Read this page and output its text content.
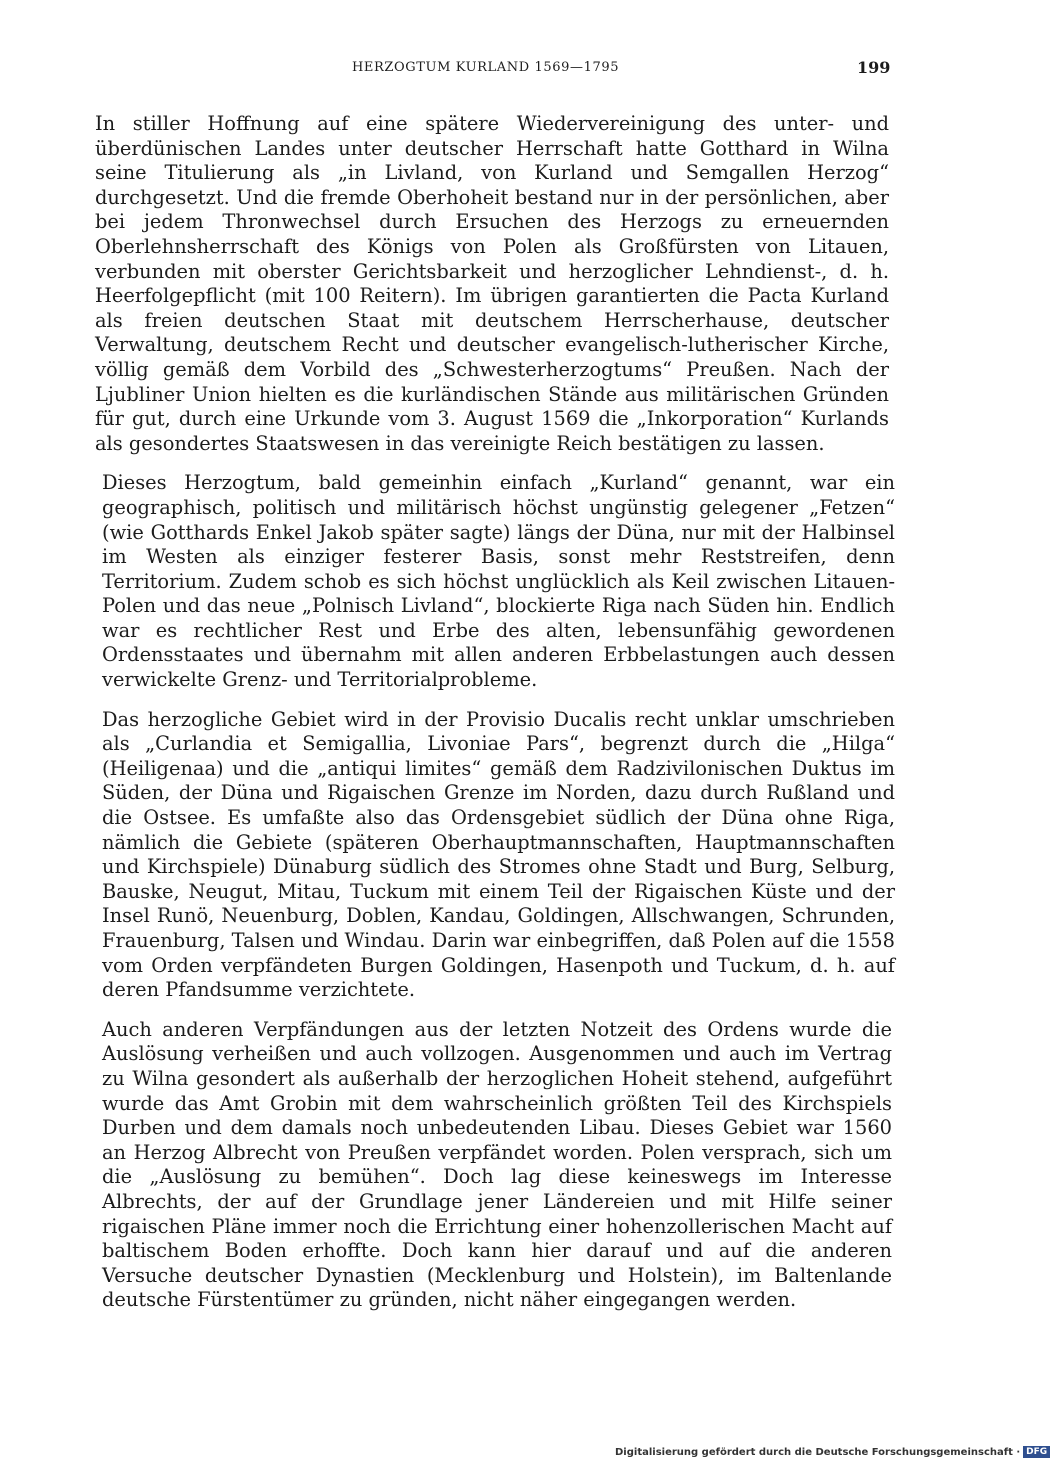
HERZOGTUM KURLAND 1569—1795	199

In stiller Hoffnung auf eine spätere Wiedervereinigung des unter- und überdünischen Landes unter deutscher Herrschaft hatte Gotthard in Wilna seine Titulierung als „in Livland, von Kurland und Semgallen Herzog“ durchgesetzt. Und die fremde Oberhoheit bestand nur in der persönlichen, aber bei jedem Thronwechsel durch Ersuchen des Herzogs zu erneuernden Oberlehnsherrschaft des Königs von Polen als Großfürsten von Litauen, verbunden mit oberster Gerichtsbarkeit und herzoglicher Lehndienst-, d. h. Heerfolgepflicht (mit 100 Reitern). Im übrigen garantierten die Pacta Kurland als freien deutschen Staat mit deutschem Herrscherhause, deutscher Verwaltung, deutschem Recht und deutscher evangelisch-lutherischer Kirche, völlig gemäß dem Vorbild des „Schwesterherzogtums“ Preußen. Nach der Ljubliner Union hielten es die kurländischen Stände aus militärischen Gründen für gut, durch eine Urkunde vom 3. August 1569 die „Inkorporation“ Kurlands als gesondertes Staatswesen in das vereinigte Reich bestätigen zu lassen.

Dieses Herzogtum, bald gemeinhin einfach „Kurland“ genannt, war ein geographisch, politisch und militärisch höchst ungünstig gelegener „Fetzen“ (wie Gotthards Enkel Jakob später sagte) längs der Düna, nur mit der Halbinsel im Westen als einziger festerer Basis, sonst mehr Reststreifen, denn Territorium. Zudem schob es sich höchst unglücklich als Keil zwischen Litauen-Polen und das neue „Polnisch Livland“, blockierte Riga nach Süden hin. Endlich war es rechtlicher Rest und Erbe des alten, lebensunfähig gewordenen Ordensstaates und übernahm mit allen anderen Erbbelastungen auch dessen verwickelte Grenz- und Territorialprobleme.

Das herzogliche Gebiet wird in der Provisio Ducalis recht unklar umschrieben als „Curlandia et Semigallia, Livoniae Pars“, begrenzt durch die „Hilga“ (Heiligenaa) und die „antiqui limites“ gemäß dem Radzivilonischen Duktus im Süden, der Düna und Rigaischen Grenze im Norden, dazu durch Rußland und die Ostsee. Es umfaßte also das Ordensgebiet südlich der Düna ohne Riga, nämlich die Gebiete (späteren Oberhauptmannschaften, Hauptmannschaften und Kirchspiele) Dünaburg südlich des Stromes ohne Stadt und Burg, Selburg, Bauske, Neugut, Mitau, Tuckum mit einem Teil der Rigaischen Küste und der Insel Runö, Neuenburg, Doblen, Kandau, Goldingen, Allschwangen, Schrunden, Frauenburg, Talsen und Windau. Darin war einbegriffen, daß Polen auf die 1558 vom Orden verpfändeten Burgen Goldingen, Hasenpoth und Tuckum, d. h. auf deren Pfandsumme verzichtete.

Auch anderen Verpfändungen aus der letzten Notzeit des Ordens wurde die Auslösung verheißen und auch vollzogen. Ausgenommen und auch im Vertrag zu Wilna gesondert als außerhalb der herzoglichen Hoheit stehend, aufgeführt wurde das Amt Grobin mit dem wahrscheinlich größten Teil des Kirchspiels Durben und dem damals noch unbedeutenden Libau. Dieses Gebiet war 1560 an Herzog Albrecht von Preußen verpfändet worden. Polen versprach, sich um die „Auslösung zu bemühen“. Doch lag diese keineswegs im Interesse Albrechts, der auf der Grundlage jener Ländereien und mit Hilfe seiner rigaischen Pläne immer noch die Errichtung einer hohenzollerischen Macht auf baltischem Boden erhoffte. Doch kann hier darauf und auf die anderen Versuche deutscher Dynastien (Mecklenburg und Holstein), im Baltenlande deutsche Fürstentümer zu gründen, nicht näher eingegangen werden.

Digitalisierung gefördert durch die Deutsche Forschungsgemeinschaft · DFG
